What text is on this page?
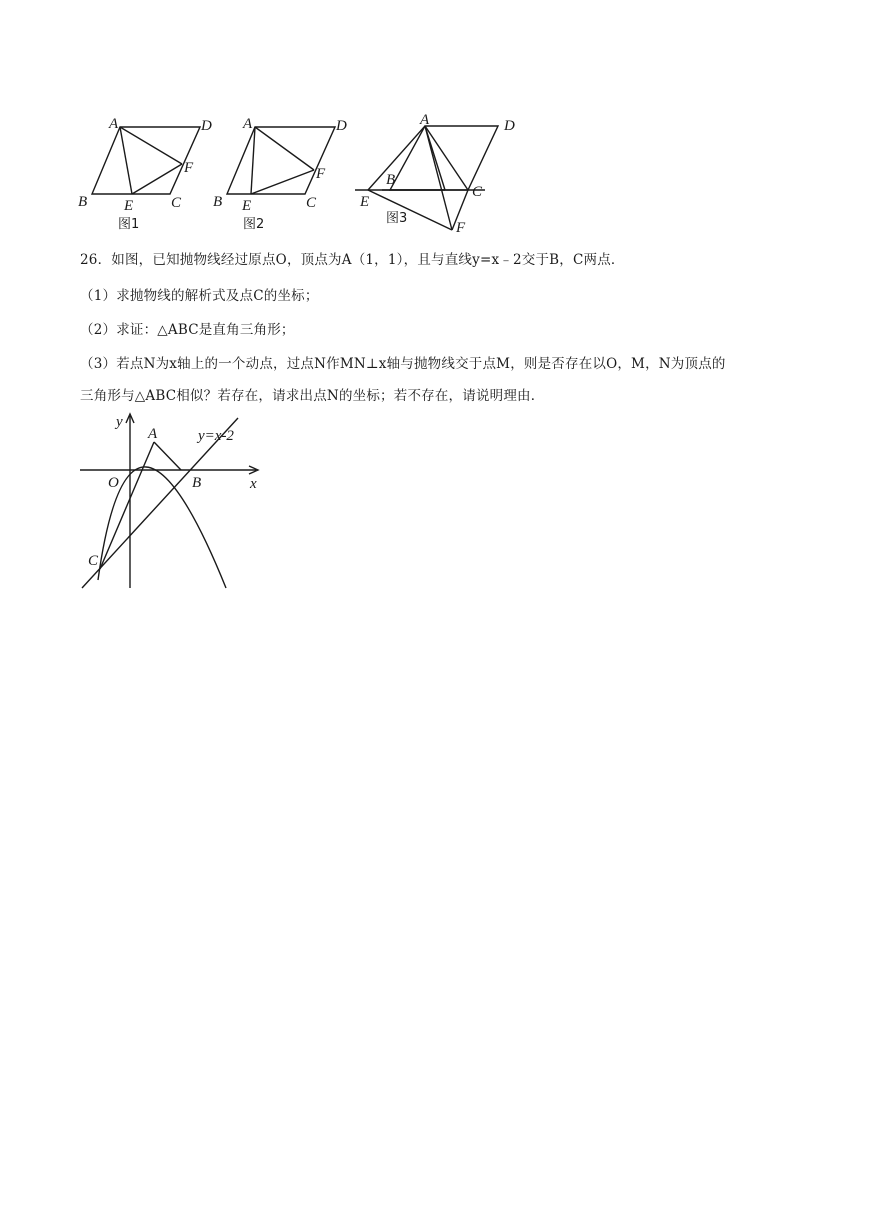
A	D
F
B E	C
图1
A	D
F
B E	C
图2
A	D
B
C
E
F
图3
26．如图，已知抛物线经过原点O，顶点为A（1，1），且与直线y=x﹣2交于B，C两点．
（1）求抛物线的解析式及点C的坐标；
（2）求证：△ABC是直角三角形；
（3）若点N为x轴上的一个动点，过点N作MN⊥x轴与抛物线交于点M，则是否存在以O，M，N为顶点的
三角形与△ABC相似？若存在，请求出点N的坐标；若不存在，请说明理由．
y
x
A
O	B
C
y=x-2
